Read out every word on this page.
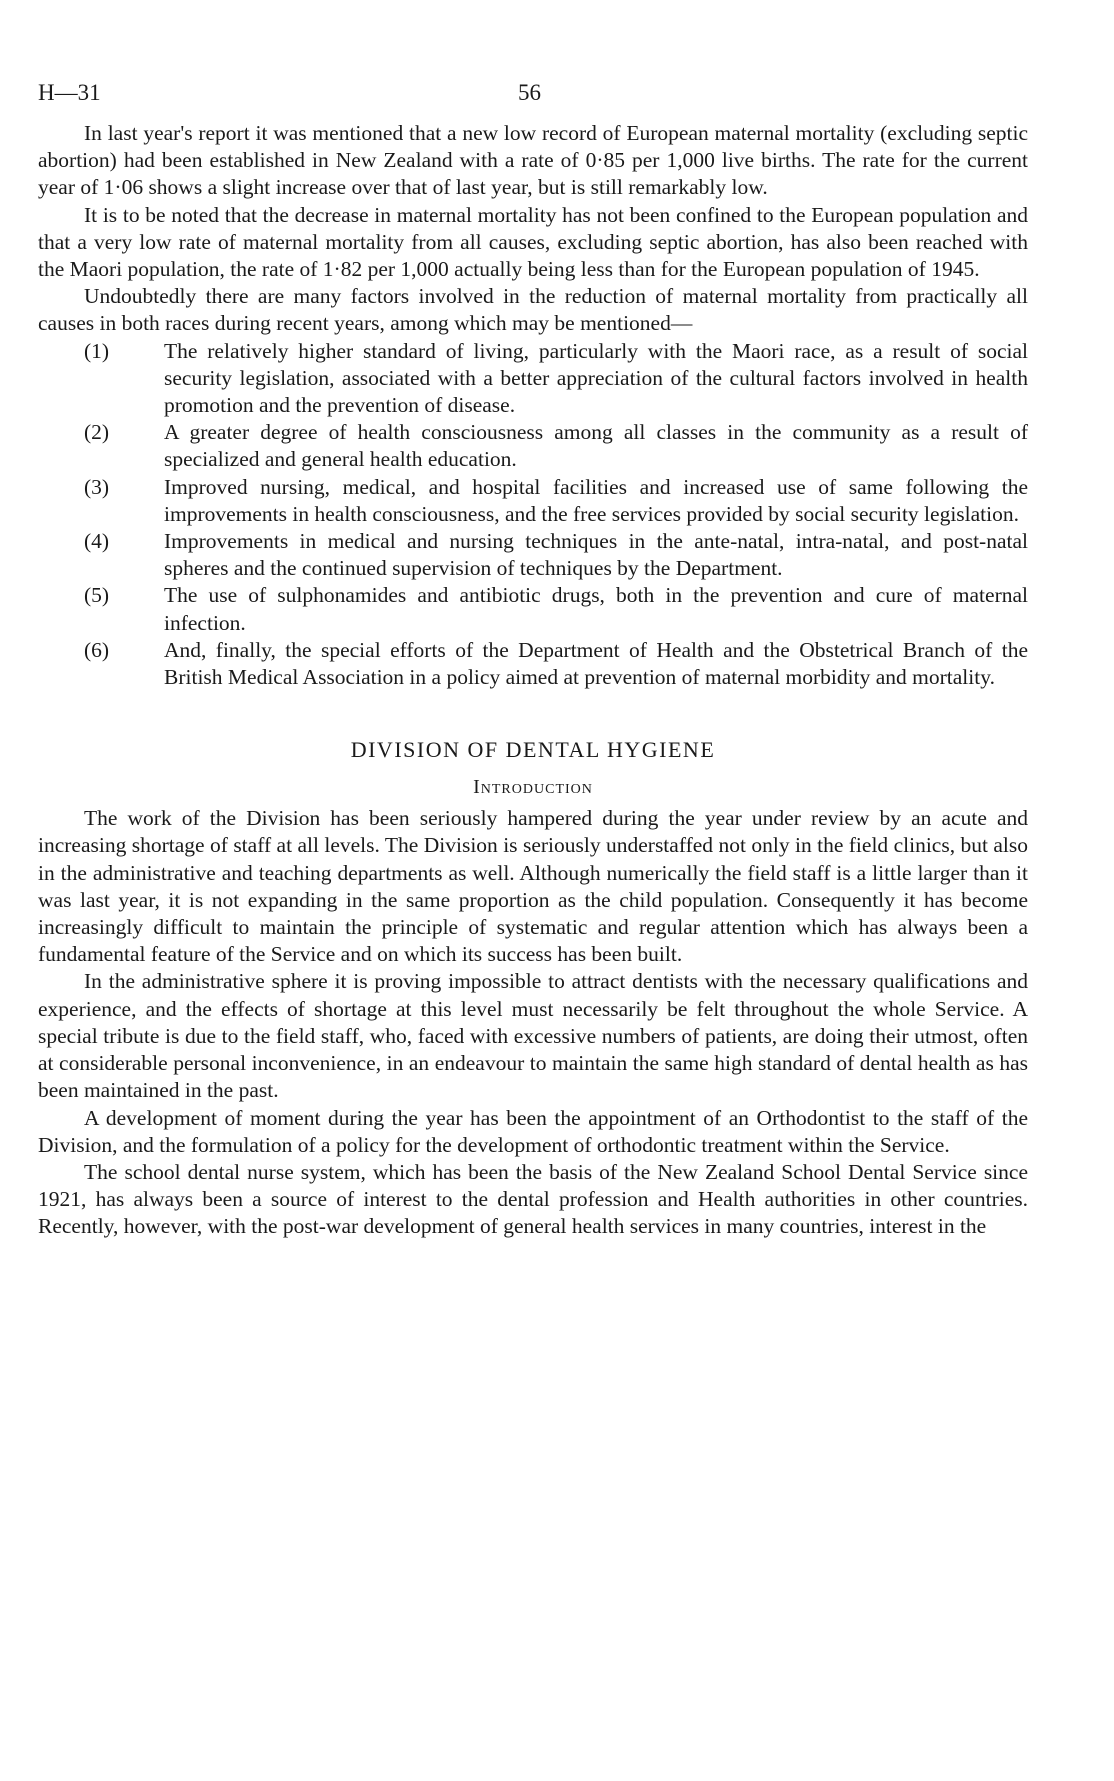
H—31	56

In last year's report it was mentioned that a new low record of European maternal mortality (excluding septic abortion) had been established in New Zealand with a rate of 0·85 per 1,000 live births. The rate for the current year of 1·06 shows a slight increase over that of last year, but is still remarkably low.

It is to be noted that the decrease in maternal mortality has not been confined to the European population and that a very low rate of maternal mortality from all causes, excluding septic abortion, has also been reached with the Maori population, the rate of 1·82 per 1,000 actually being less than for the European population of 1945.

Undoubtedly there are many factors involved in the reduction of maternal mortality from practically all causes in both races during recent years, among which may be mentioned—

(1)	The relatively higher standard of living, particularly with the Maori race, as a result of social security legislation, associated with a better appreciation of the cultural factors involved in health promotion and the prevention of disease.
(2)	A greater degree of health consciousness among all classes in the community as a result of specialized and general health education.
(3)	Improved nursing, medical, and hospital facilities and increased use of same following the improvements in health consciousness, and the free services provided by social security legislation.
(4)	Improvements in medical and nursing techniques in the ante-natal, intra-natal, and post-natal spheres and the continued supervision of techniques by the Department.
(5)	The use of sulphonamides and antibiotic drugs, both in the prevention and cure of maternal infection.
(6)	And, finally, the special efforts of the Department of Health and the Obstetrical Branch of the British Medical Association in a policy aimed at prevention of maternal morbidity and mortality.
DIVISION OF DENTAL HYGIENE
Introduction

The work of the Division has been seriously hampered during the year under review by an acute and increasing shortage of staff at all levels. The Division is seriously understaffed not only in the field clinics, but also in the administrative and teaching departments as well. Although numerically the field staff is a little larger than it was last year, it is not expanding in the same proportion as the child population. Consequently it has become increasingly difficult to maintain the principle of systematic and regular attention which has always been a fundamental feature of the Service and on which its success has been built.

In the administrative sphere it is proving impossible to attract dentists with the necessary qualifications and experience, and the effects of shortage at this level must necessarily be felt throughout the whole Service. A special tribute is due to the field staff, who, faced with excessive numbers of patients, are doing their utmost, often at considerable personal inconvenience, in an endeavour to maintain the same high standard of dental health as has been maintained in the past.

A development of moment during the year has been the appointment of an Orthodontist to the staff of the Division, and the formulation of a policy for the development of orthodontic treatment within the Service.

The school dental nurse system, which has been the basis of the New Zealand School Dental Service since 1921, has always been a source of interest to the dental profession and Health authorities in other countries. Recently, however, with the post-war development of general health services in many countries, interest in the
